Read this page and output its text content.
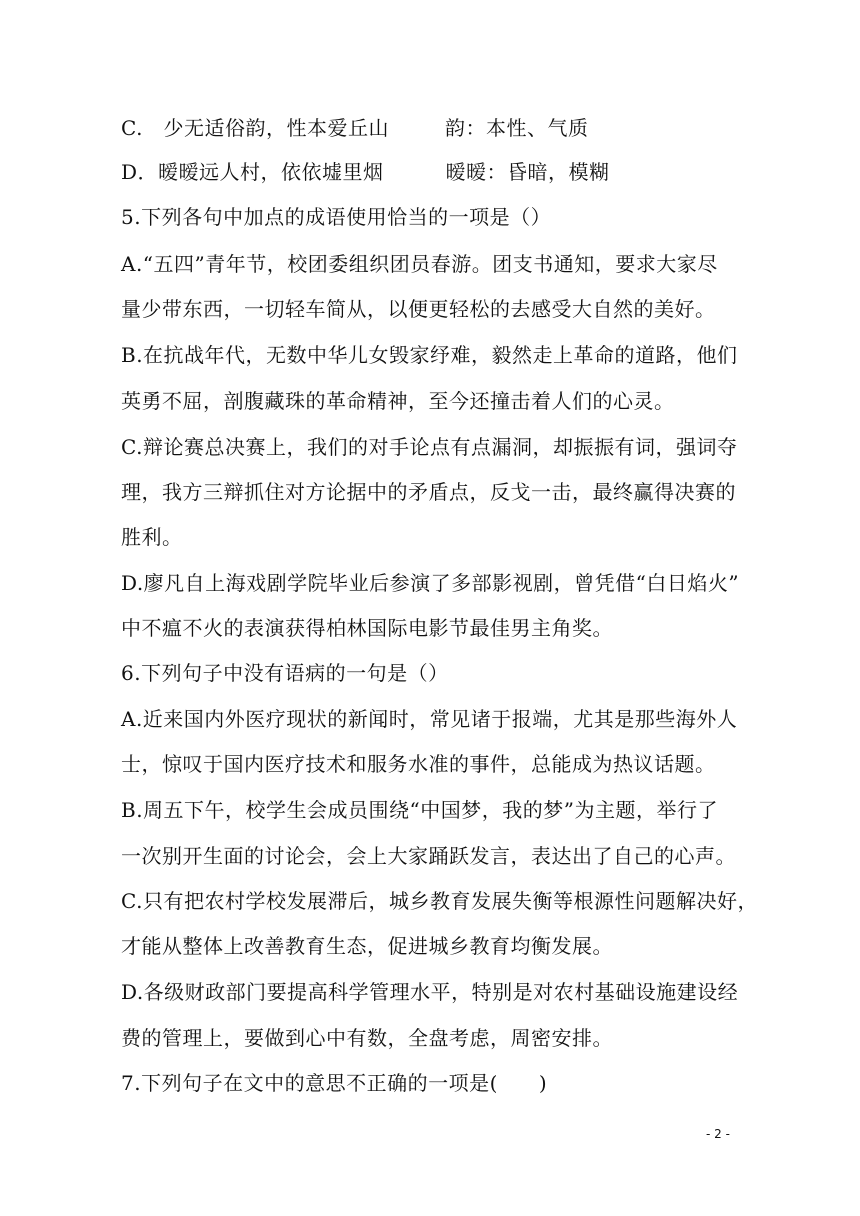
C.　少无适俗韵，性本爱丘山	韵：本性、气质
D．暧暧远人村，依依墟里烟	暧暧：昏暗，模糊
5.下列各句中加点的成语使用恰当的一项是（）
A.“五四”青年节，校团委组织团员春游。团支书通知，要求大家尽
量少带东西，一切轻车简从，以便更轻松的去感受大自然的美好。
B.在抗战年代，无数中华儿女毁家纾难，毅然走上革命的道路，他们
英勇不屈，剖腹藏珠的革命精神，至今还撞击着人们的心灵。
C.辩论赛总决赛上，我们的对手论点有点漏洞，却振振有词，强词夺
理，我方三辩抓住对方论据中的矛盾点，反戈一击，最终赢得决赛的
胜利。
D.廖凡自上海戏剧学院毕业后参演了多部影视剧，曾凭借“白日焰火”
中不瘟不火的表演获得柏林国际电影节最佳男主角奖。
6.下列句子中没有语病的一句是（）
A.近来国内外医疗现状的新闻时，常见诸于报端，尤其是那些海外人
士，惊叹于国内医疗技术和服务水准的事件，总能成为热议话题。
B.周五下午，校学生会成员围绕“中国梦，我的梦”为主题，举行了
一次别开生面的讨论会，会上大家踊跃发言，表达出了自己的心声。
C.只有把农村学校发展滞后，城乡教育发展失衡等根源性问题解决好，
才能从整体上改善教育生态，促进城乡教育均衡发展。
D.各级财政部门要提高科学管理水平，特别是对农村基础设施建设经
费的管理上，要做到心中有数，全盘考虑，周密安排。
7.下列句子在文中的意思不正确的一项是(　　)
- 2 -
